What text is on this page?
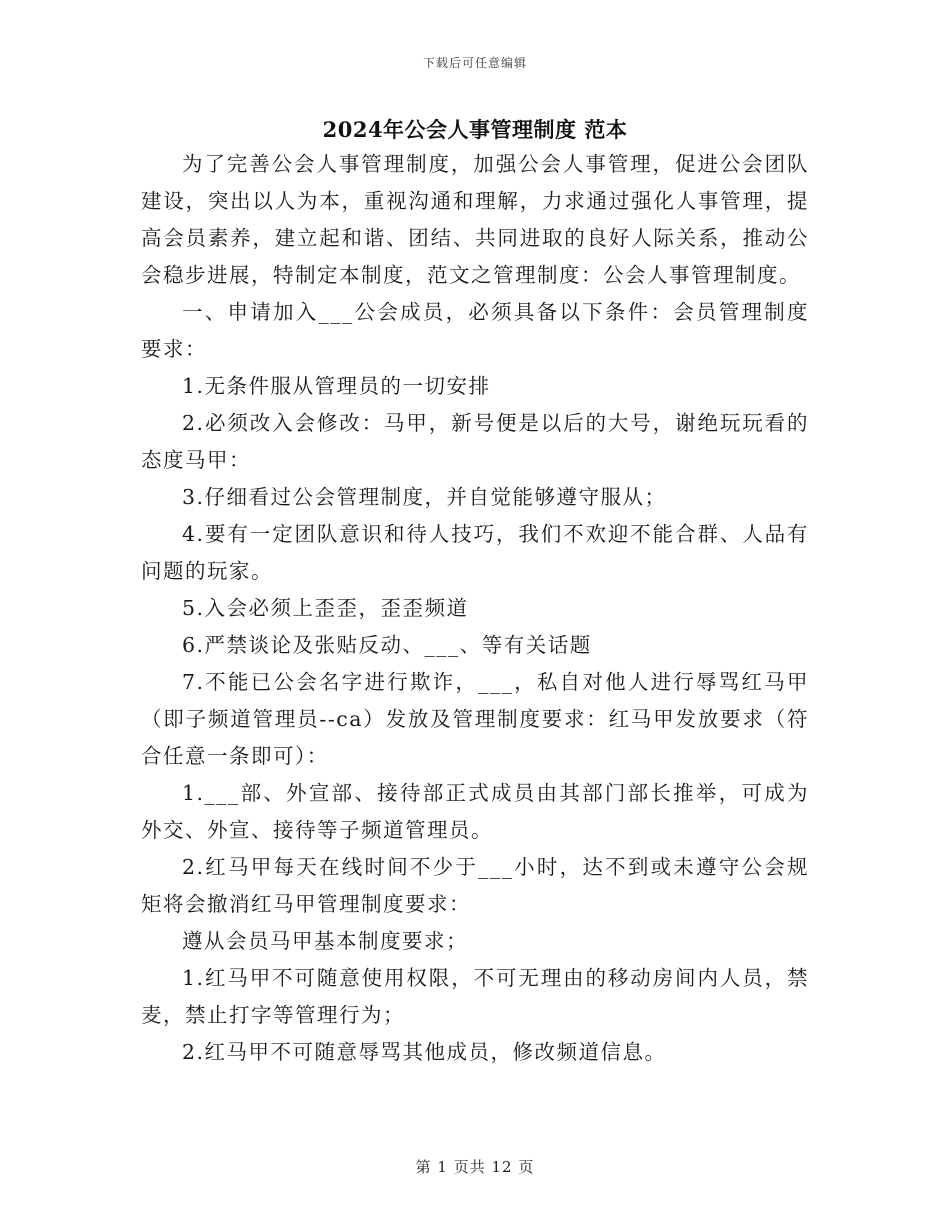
下载后可任意编辑
2024年公会人事管理制度 范本

为了完善公会人事管理制度，加强公会人事管理，促进公会团队建设，突出以人为本，重视沟通和理解，力求通过强化人事管理，提高会员素养，建立起和谐、团结、共同进取的良好人际关系，推动公会稳步进展，特制定本制度，范文之管理制度：公会人事管理制度。

一、申请加入___公会成员，必须具备以下条件：会员管理制度要求：

1.无条件服从管理员的一切安排

2.必须改入会修改：马甲，新号便是以后的大号，谢绝玩玩看的态度马甲：

3.仔细看过公会管理制度，并自觉能够遵守服从；

4.要有一定团队意识和待人技巧，我们不欢迎不能合群、人品有问题的玩家。

5.入会必须上歪歪，歪歪频道

6.严禁谈论及张贴反动、___、等有关话题

7.不能已公会名字进行欺诈，___，私自对他人进行辱骂红马甲（即子频道管理员--ca）发放及管理制度要求：红马甲发放要求（符合任意一条即可）：

1.___部、外宣部、接待部正式成员由其部门部长推举，可成为外交、外宣、接待等子频道管理员。

2.红马甲每天在线时间不少于___小时，达不到或未遵守公会规矩将会撤消红马甲管理制度要求：

遵从会员马甲基本制度要求；

1.红马甲不可随意使用权限，不可无理由的移动房间内人员，禁麦，禁止打字等管理行为；

2.红马甲不可随意辱骂其他成员，修改频道信息。

第 1 页共 12 页
